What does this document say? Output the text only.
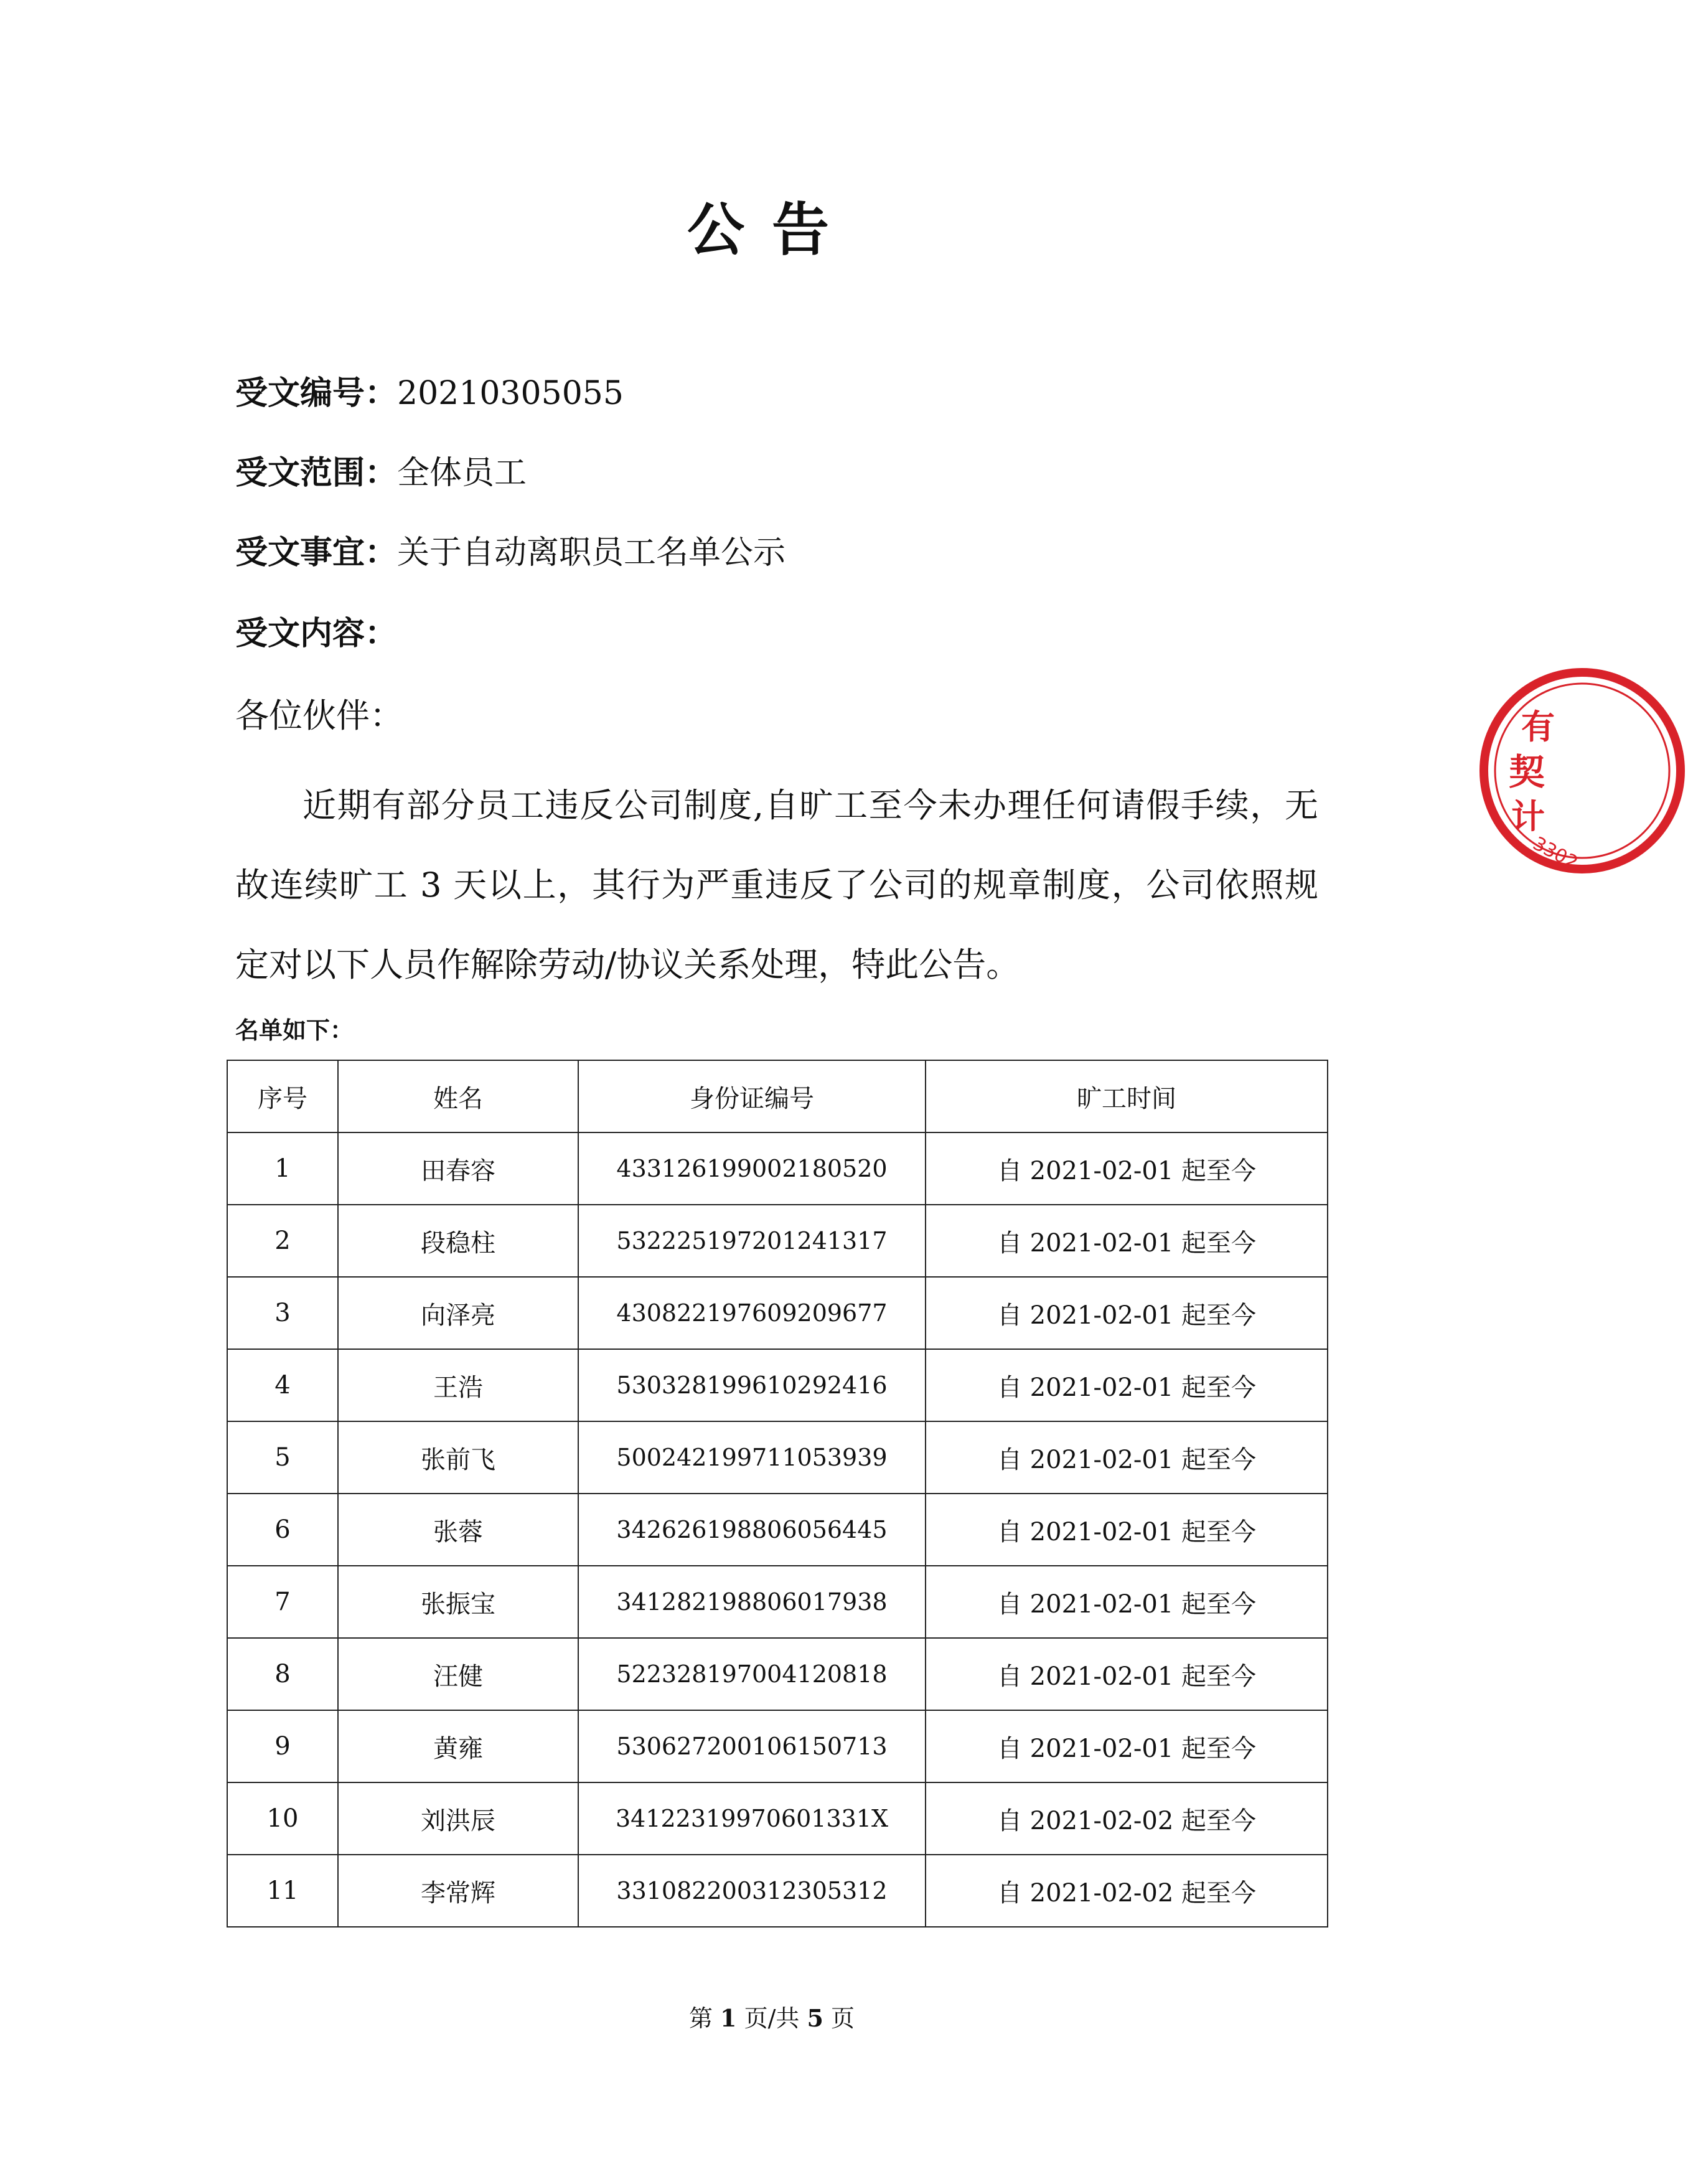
公告
受文编号：20210305055
受文范围：全体员工
受文事宜：关于自动离职员工名单公示
受文内容：
各位伙伴：
近期有部分员工违反公司制度,自旷工至今未办理任何请假手续，无故连续旷工 3 天以上，其行为严重违反了公司的规章制度，公司依照规定对以下人员作解除劳动/协议关系处理，特此公告。
名单如下：
序号	姓名	身份证编号	旷工时间
1	田春容	433126199002180520	自 2021-02-01 起至今
2	段稳柱	532225197201241317	自 2021-02-01 起至今
3	向泽亮	430822197609209677	自 2021-02-01 起至今
4	王浩	530328199610292416	自 2021-02-01 起至今
5	张前飞	500242199711053939	自 2021-02-01 起至今
6	张蓉	342626198806056445	自 2021-02-01 起至今
7	张振宝	341282198806017938	自 2021-02-01 起至今
8	汪健	522328197004120818	自 2021-02-01 起至今
9	黄雍	530627200106150713	自 2021-02-01 起至今
10	刘洪辰	34122319970601331X	自 2021-02-02 起至今
11	李常辉	331082200312305312	自 2021-02-02 起至今
第 1 页/共 5 页
有
契
计
3302
